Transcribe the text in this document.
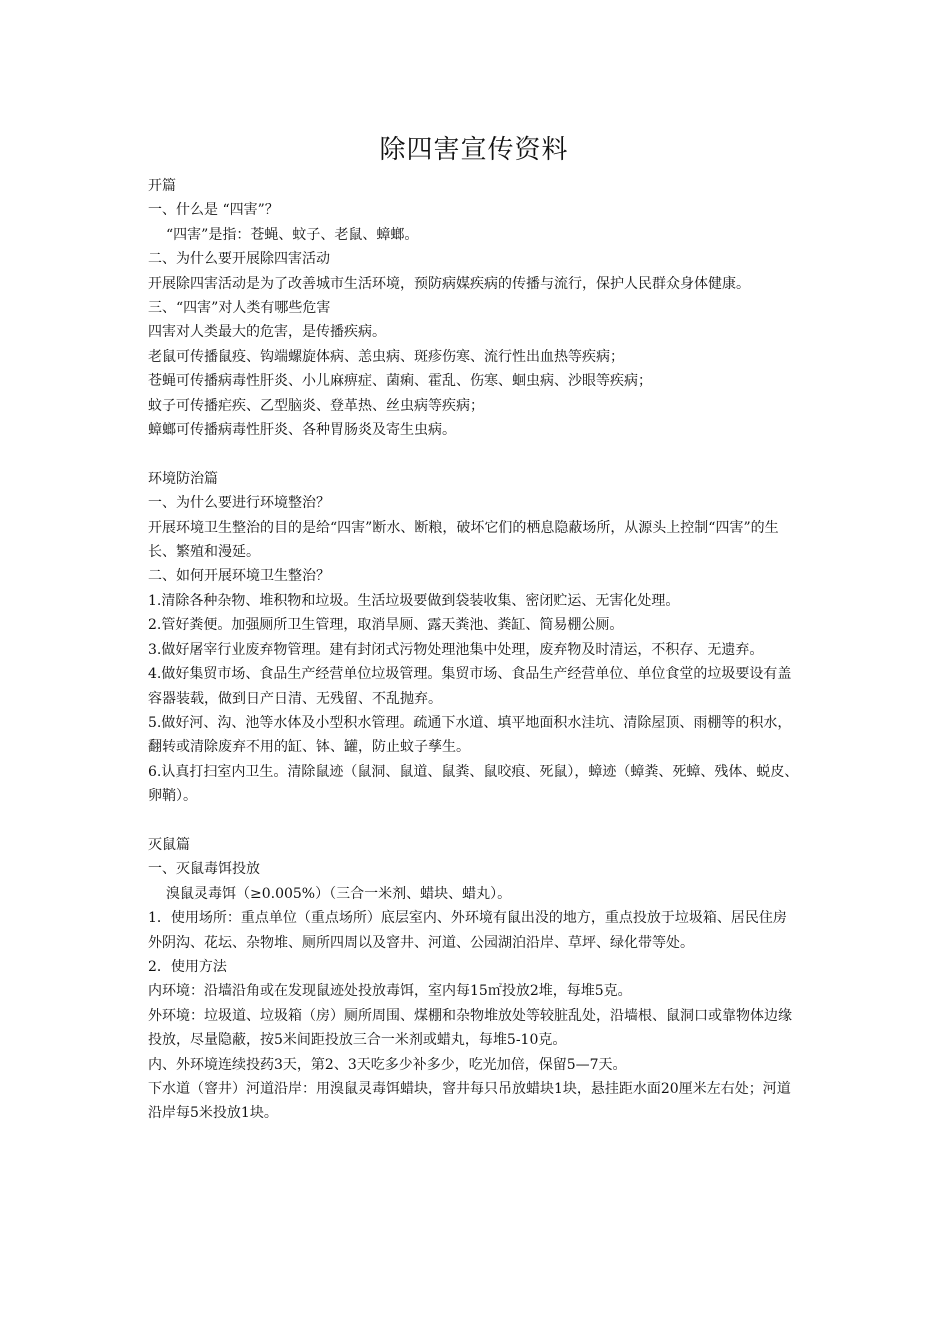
除四害宣传资料

开篇

一、什么是 “四害”？

“四害”是指：苍蝇、蚊子、老鼠、蟑螂。

二、为什么要开展除四害活动

开展除四害活动是为了改善城市生活环境，预防病媒疾病的传播与流行，保护人民群众身体健康。

三、“四害”对人类有哪些危害

四害对人类最大的危害，是传播疾病。

老鼠可传播鼠疫、钩端螺旋体病、恙虫病、斑疹伤寒、流行性出血热等疾病；

苍蝇可传播病毒性肝炎、小儿麻痹症、菌痢、霍乱、伤寒、蛔虫病、沙眼等疾病；

蚊子可传播疟疾、乙型脑炎、登革热、丝虫病等疾病；

蟑螂可传播病毒性肝炎、各种胃肠炎及寄生虫病。

环境防治篇

一、为什么要进行环境整治？

开展环境卫生整治的目的是给“四害”断水、断粮，破坏它们的栖息隐蔽场所，从源头上控制“四害”的生长、繁殖和漫延。

二、如何开展环境卫生整治？

1.清除各种杂物、堆积物和垃圾。生活垃圾要做到袋装收集、密闭贮运、无害化处理。

2.管好粪便。加强厕所卫生管理，取消旱厕、露天粪池、粪缸、简易棚公厕。

3.做好屠宰行业废弃物管理。建有封闭式污物处理池集中处理，废弃物及时清运，不积存、无遗弃。

4.做好集贸市场、食品生产经营单位垃圾管理。集贸市场、食品生产经营单位、单位食堂的垃圾要设有盖容器装载，做到日产日清、无残留、不乱抛弃。

5.做好河、沟、池等水体及小型积水管理。疏通下水道、填平地面积水洼坑、清除屋顶、雨棚等的积水，翻转或清除废弃不用的缸、钵、罐，防止蚊子孳生。

6.认真打扫室内卫生。清除鼠迹（鼠洞、鼠道、鼠粪、鼠咬痕、死鼠），蟑迹（蟑粪、死蟑、残体、蜕皮、卵鞘）。

灭鼠篇

一、灭鼠毒饵投放

溴鼠灵毒饵（≥0.005%）（三合一米剂、蜡块、蜡丸）。

1．使用场所：重点单位（重点场所）底层室内、外环境有鼠出没的地方，重点投放于垃圾箱、居民住房外阴沟、花坛、杂物堆、厕所四周以及窨井、河道、公园湖泊沿岸、草坪、绿化带等处。

2．使用方法

内环境：沿墙沿角或在发现鼠迹处投放毒饵，室内每15㎡投放2堆，每堆5克。

外环境：垃圾道、垃圾箱（房）厕所周围、煤棚和杂物堆放处等较脏乱处，沿墙根、鼠洞口或靠物体边缘投放，尽量隐蔽，按5米间距投放三合一米剂或蜡丸，每堆5-10克。

内、外环境连续投药3天，第2、3天吃多少补多少，吃光加倍，保留5—7天。

下水道（窨井）河道沿岸：用溴鼠灵毒饵蜡块，窨井每只吊放蜡块1块，悬挂距水面20厘米左右处；河道沿岸每5米投放1块。
